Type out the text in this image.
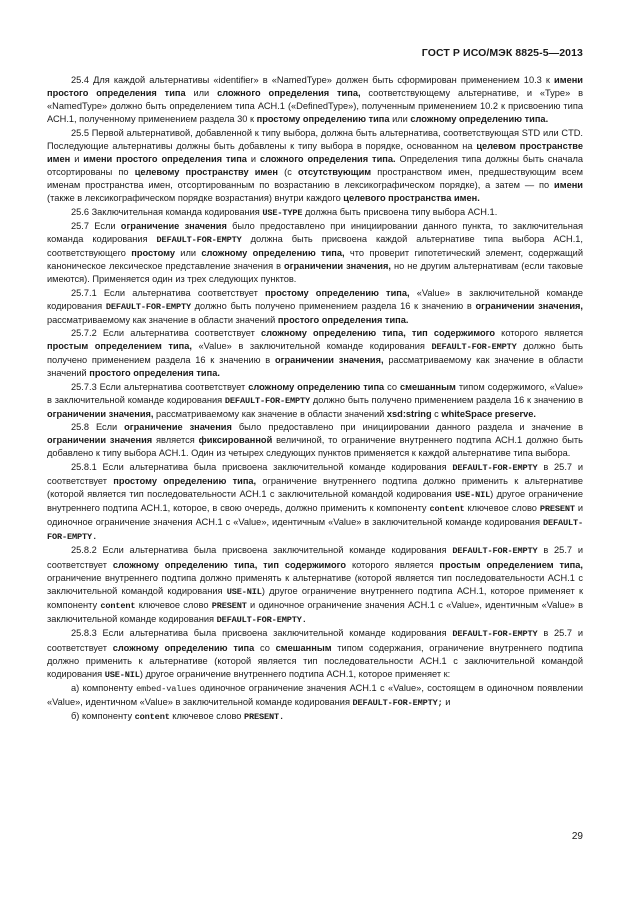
ГОСТ Р ИСО/МЭК 8825-5—2013

25.4 Для каждой альтернативы «identifier» в «NamedType» должен быть сформирован применением 10.3 к имени простого определения типа или сложного определения типа, соответствующему альтернативе, и «Type» в «NamedType» должно быть определением типа АСН.1 («DefinedType»), полученным применением 10.2 к присвоению типа АСН.1, полученному применением раздела 30 к простому определению типа или сложному определению типа.

25.5 Первой альтернативой, добавленной к типу выбора, должна быть альтернатива, соответствующая STD или CTD. Последующие альтернативы должны быть добавлены к типу выбора в порядке, основанном на целевом пространстве имен и имени простого определения типа и сложного определения типа. Определения типа должны быть сначала отсортированы по целевому пространству имен (с отсутствующим пространством имен, предшествующим всем именам пространства имен, отсортированным по возрастанию в лексикографическом порядке), а затем — по имени (также в лексикографическом порядке возрастания) внутри каждого целевого пространства имен.

25.6 Заключительная команда кодирования USE-TYPE должна быть присвоена типу выбора АСН.1.

25.7 Если ограничение значения было предоставлено при инициировании данного пункта, то заключительная команда кодирования DEFAULT-FOR-EMPTY должна быть присвоена каждой альтернативе типа выбора АСН.1, соответствующего простому или сложному определению типа, что проверит гипотетический элемент, содержащий каноническое лексическое представление значения в ограничении значения, но не другим альтернативам (если таковые имеются). Применяется один из трех следующих пунктов.

25.7.1 Если альтернатива соответствует простому определению типа, «Value» в заключительной команде кодирования DEFAULT-FOR-EMPTY должно быть получено применением раздела 16 к значению в ограничении значения, рассматриваемому как значение в области значений простого определения типа.

25.7.2 Если альтернатива соответствует сложному определению типа, тип содержимого которого является простым определением типа, «Value» в заключительной команде кодирования DEFAULT-FOR-EMPTY должно быть получено применением раздела 16 к значению в ограничении значения, рассматриваемому как значение в области значений простого определения типа.

25.7.3 Если альтернатива соответствует сложному определению типа со смешанным типом содержимого, «Value» в заключительной команде кодирования DEFAULT-FOR-EMPTY должно быть получено применением раздела 16 к значению в ограничении значения, рассматриваемому как значение в области значений xsd:string с whiteSpace preserve.

25.8 Если ограничение значения было предоставлено при инициировании данного раздела и значение в ограничении значения является фиксированной величиной, то ограничение внутреннего подтипа АСН.1 должно быть добавлено к типу выбора АСН.1. Один из четырех следующих пунктов применяется к каждой альтернативе типа выбора.

25.8.1 Если альтернатива была присвоена заключительной команде кодирования DEFAULT-FOR-EMPTY в 25.7 и соответствует простому определению типа, ограничение внутреннего подтипа должно применить к альтернативе (которой является тип последовательности АСН.1 с заключительной командой кодирования USE-NIL) другое ограничение внутреннего подтипа АСН.1, которое, в свою очередь, должно применить к компоненту content ключевое слово PRESENT и одиночное ограничение значения АСН.1 с «Value», идентичным «Value» в заключительной команде кодирования DEFAULT-FOR-EMPTY.

25.8.2 Если альтернатива была присвоена заключительной команде кодирования DEFAULT-FOR-EMPTY в 25.7 и соответствует сложному определению типа, тип содержимого которого является простым определением типа, ограничение внутреннего подтипа должно применять к альтернативе (которой является тип последовательности АСН.1 с заключительной командой кодирования USE-NIL) другое ограничение внутреннего подтипа АСН.1, которое применяет к компоненту content ключевое слово PRESENT и одиночное ограничение значения АСН.1 с «Value», идентичным «Value» в заключительной команде кодирования DEFAULT-FOR-EMPTY.

25.8.3 Если альтернатива была присвоена заключительной команде кодирования DEFAULT-FOR-EMPTY в 25.7 и соответствует сложному определению типа со смешанным типом содержания, ограничение внутреннего подтипа должно применить к альтернативе (которой является тип последовательности АСН.1 с заключительной командой кодирования USE-NIL) другое ограничение внутреннего подтипа АСН.1, которое применяет к:

а) компоненту embed-values одиночное ограничение значения АСН.1 с «Value», состоящем в одиночном появлении «Value», идентичном «Value» в заключительной команде кодирования DEFAULT-FOR-EMPTY; и

б) компоненту content ключевое слово PRESENT.

29
